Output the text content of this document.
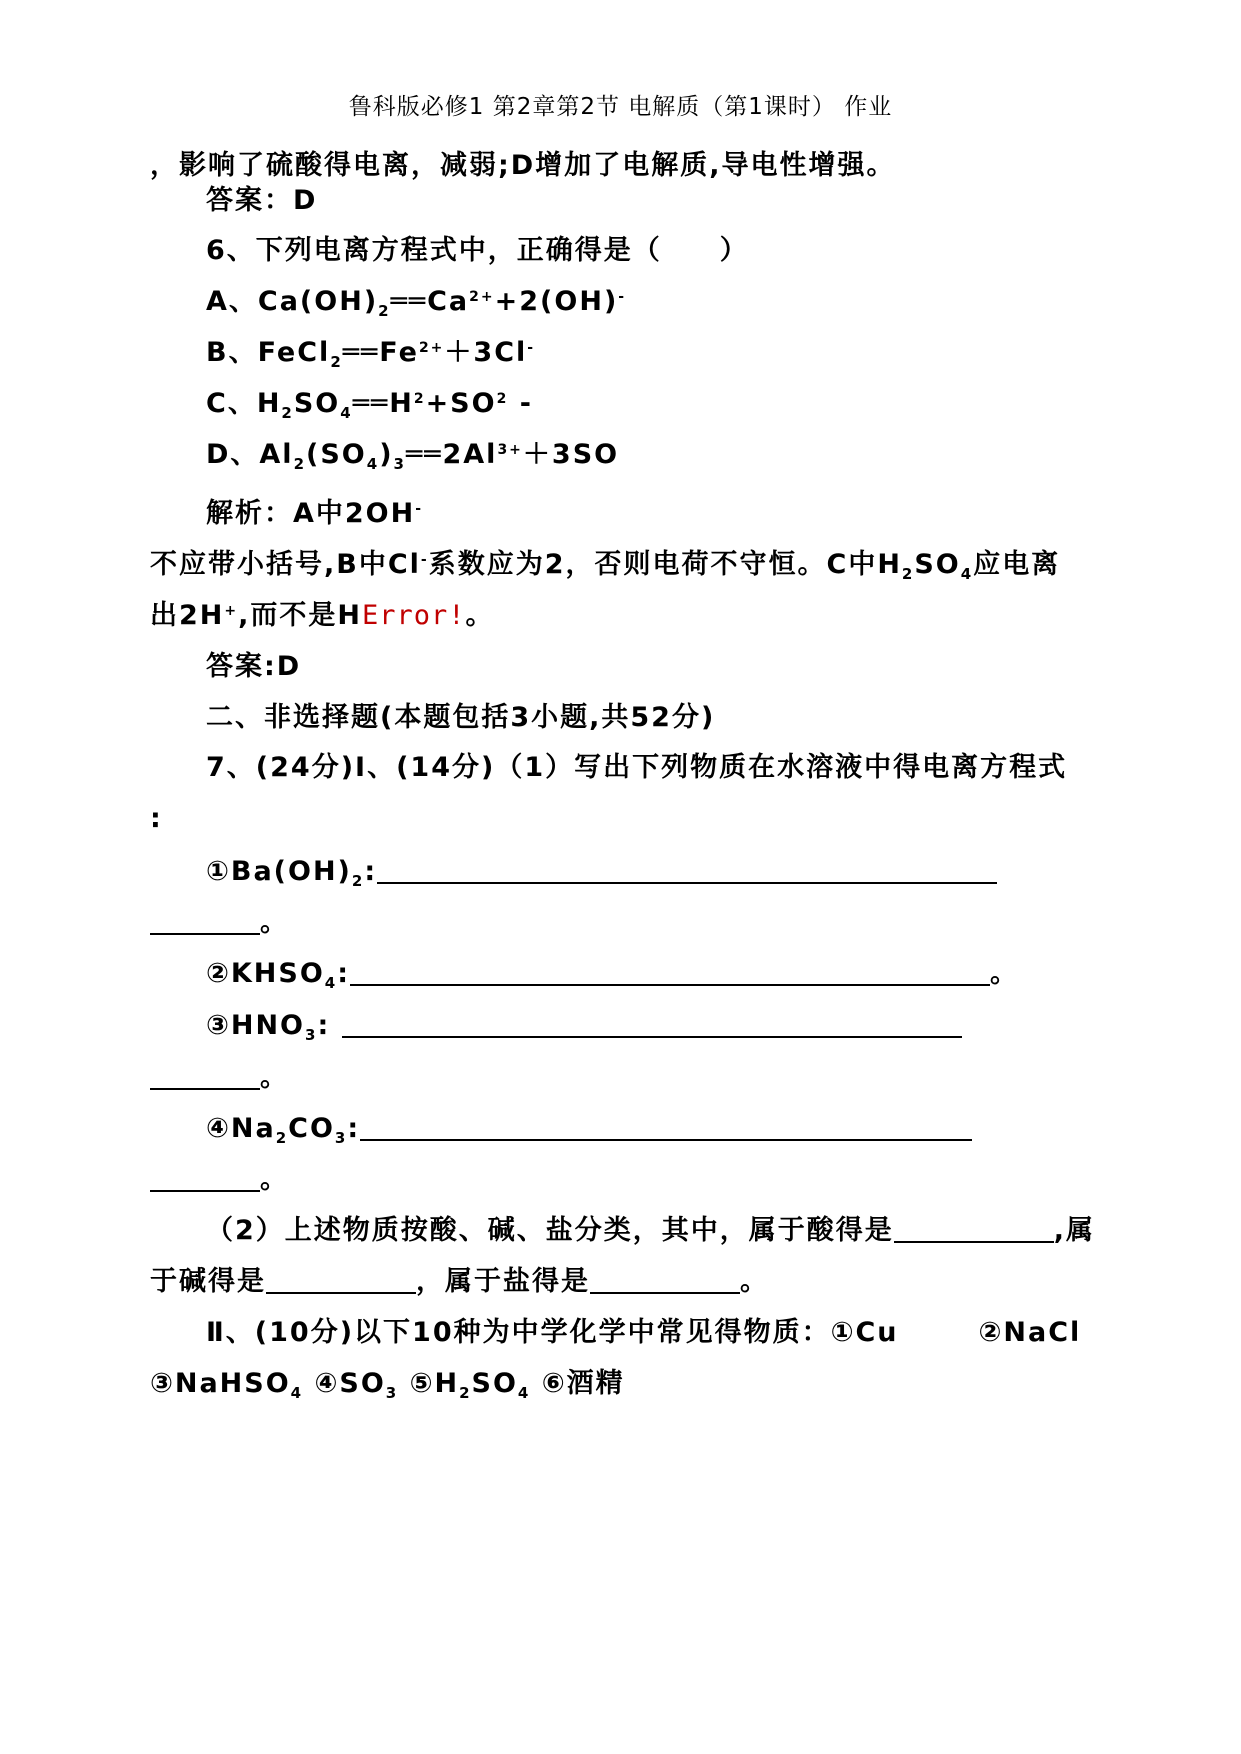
鲁科版必修1 第2章第2节 电解质（第1课时） 作业
，影响了硫酸得电离，减弱;D增加了电解质,导电性增强。
答案：D
6、下列电离方程式中，正确得是（　　）
A、$Ca(OH)_2══Ca^{2+}+2(OH)^-$
B、$FeCl_2══Fe^{2+}+3Cl^-$
C、$H_2SO_4══H^2+SO^2$ -
D、$Al_2(SO_4)_3══2Al^{3+}+3SO$
解析：A中2OH-
不应带小括号,B中Cl-系数应为2，否则电荷不守恒。C中$H_2SO_4$应电离
出2H+,而不是HError!。
答案:D
二、非选择题(本题包括3小题,共52分)
7、(24分)Ⅰ、(14分)（1）写出下列物质在水溶液中得电离方程式
:
$①Ba(OH)_2$:
。
$②KHSO_4$:	。
$③HNO_3$:
。
$④Na_2CO_3$:
。
（2）上述物质按酸、碱、盐分类，其中，属于酸得是	,属
于碱得是	，属于盐得是	。
Ⅱ、(10分)以下10种为中学化学中常见得物质：①Cu	②NaCl
③NaHSO$_4$ $④SO_3$ $⑤H_2SO_4$ ⑥酒精
